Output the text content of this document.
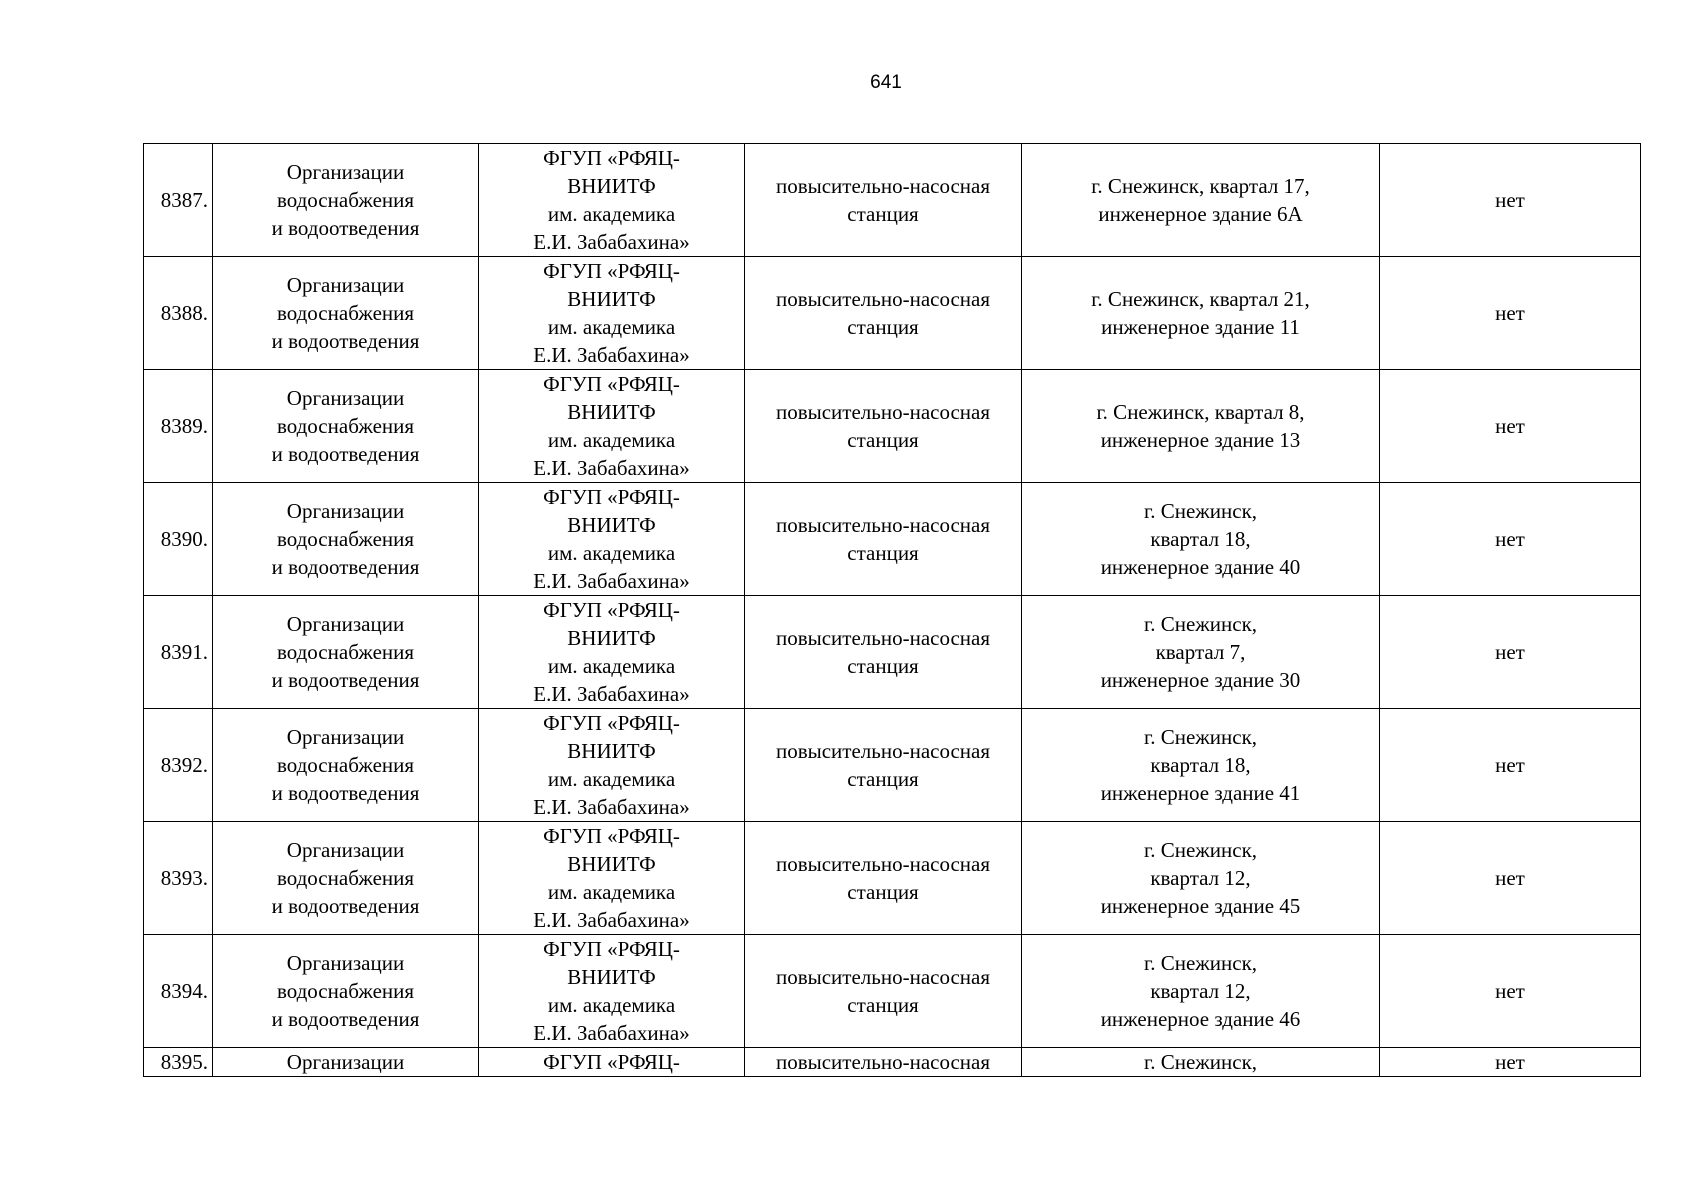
641
8387.	Организации
водоснабжения
и водоотведения	ФГУП «РФЯЦ-
ВНИИТФ
им. академика
Е.И. Забабахина»	повысительно-насосная
станция	г. Снежинск, квартал 17,
инженерное здание 6А	нет
8388.	Организации
водоснабжения
и водоотведения	ФГУП «РФЯЦ-
ВНИИТФ
им. академика
Е.И. Забабахина»	повысительно-насосная
станция	г. Снежинск, квартал 21,
инженерное здание 11	нет
8389.	Организации
водоснабжения
и водоотведения	ФГУП «РФЯЦ-
ВНИИТФ
им. академика
Е.И. Забабахина»	повысительно-насосная
станция	г. Снежинск, квартал 8,
инженерное здание 13	нет
8390.	Организации
водоснабжения
и водоотведения	ФГУП «РФЯЦ-
ВНИИТФ
им. академика
Е.И. Забабахина»	повысительно-насосная
станция	г. Снежинск,
квартал 18,
инженерное здание 40	нет
8391.	Организации
водоснабжения
и водоотведения	ФГУП «РФЯЦ-
ВНИИТФ
им. академика
Е.И. Забабахина»	повысительно-насосная
станция	г. Снежинск,
квартал 7,
инженерное здание 30	нет
8392.	Организации
водоснабжения
и водоотведения	ФГУП «РФЯЦ-
ВНИИТФ
им. академика
Е.И. Забабахина»	повысительно-насосная
станция	г. Снежинск,
квартал 18,
инженерное здание 41	нет
8393.	Организации
водоснабжения
и водоотведения	ФГУП «РФЯЦ-
ВНИИТФ
им. академика
Е.И. Забабахина»	повысительно-насосная
станция	г. Снежинск,
квартал 12,
инженерное здание 45	нет
8394.	Организации
водоснабжения
и водоотведения	ФГУП «РФЯЦ-
ВНИИТФ
им. академика
Е.И. Забабахина»	повысительно-насосная
станция	г. Снежинск,
квартал 12,
инженерное здание 46	нет
8395.	Организации	ФГУП «РФЯЦ-	повысительно-насосная	г. Снежинск,	нет
